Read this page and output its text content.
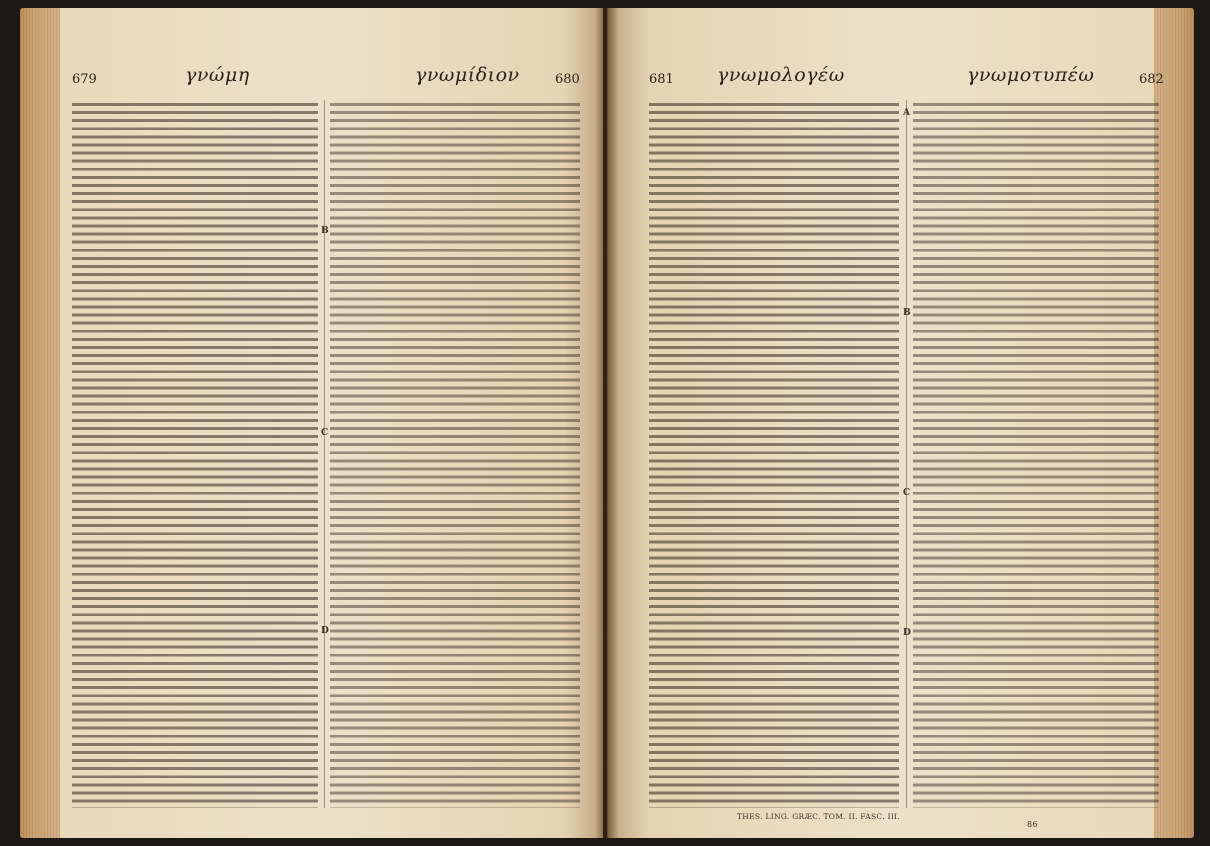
679	γνώμη	γνωμίδιον	680
B
C
D
681 γνωμολογέω	γνωμοτυπέω	682
A
B
C
D
THES. LING. GRÆC. TOM. II. FASC. III.
86
